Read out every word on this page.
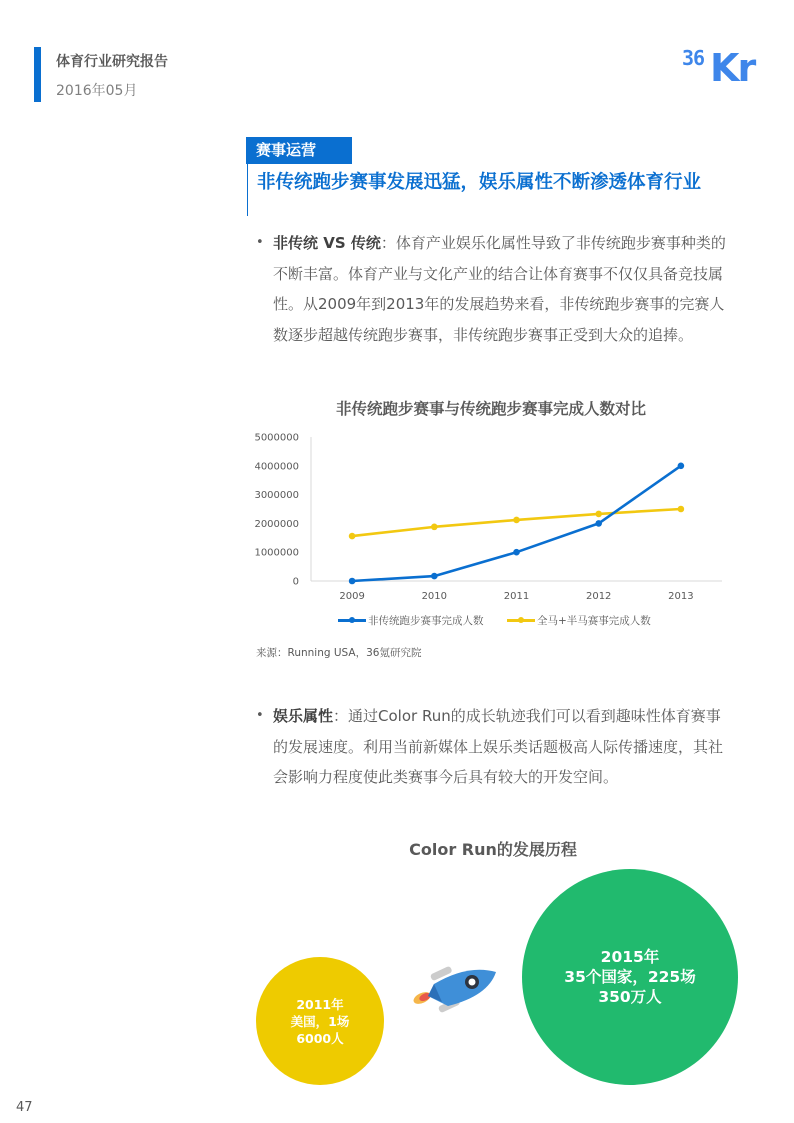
体育行业研究报告
2016年05月
36 Kr
赛事运营
非传统跑步赛事发展迅猛，娱乐属性不断渗透体育行业
• 非传统 VS 传统：体育产业娱乐化属性导致了非传统跑步赛事种类的不断丰富。体育产业与文化产业的结合让体育赛事不仅仅具备竞技属性。从2009年到2013年的发展趋势来看，非传统跑步赛事的完赛人数逐步超越传统跑步赛事，非传统跑步赛事正受到大众的追捧。
非传统跑步赛事与传统跑步赛事完成人数对比
0
1000000
2000000
3000000
4000000
5000000
2009	2010	2011	2012	2013
非传统跑步赛事完成人数	全马+半马赛事完成人数
来源：Running USA，36氪研究院
• 娱乐属性：通过Color Run的成长轨迹我们可以看到趣味性体育赛事的发展速度。利用当前新媒体上娱乐类话题极高人际传播速度，其社会影响力程度使此类赛事今后具有较大的开发空间。
Color Run的发展历程
2011年
美国，1场
6000人
2015年
35个国家，225场
350万人
47
